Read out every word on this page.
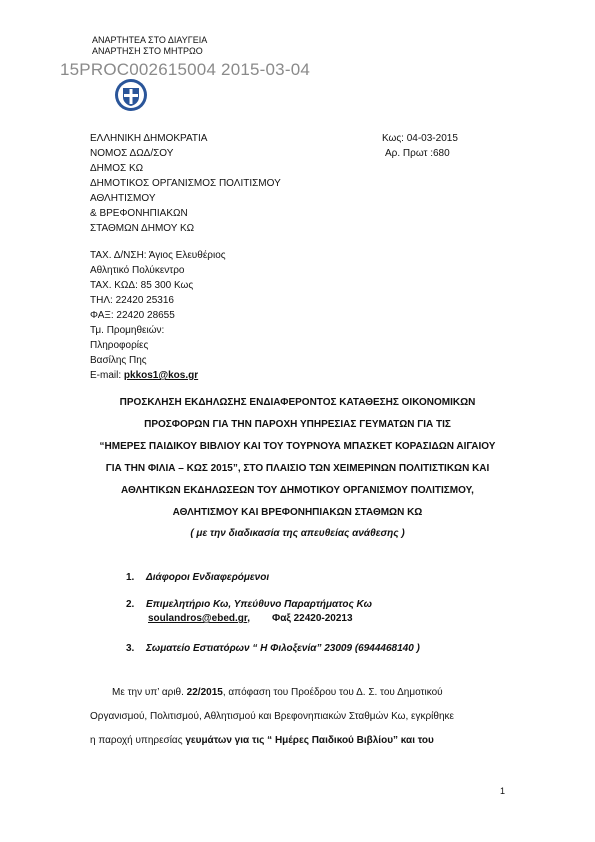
ΑΝΑΡΤΗΤΕΑ ΣΤΟ ΔΙΑΥΓΕΙΑ
ΑΝΑΡΤΗΣΗ ΣΤΟ ΜΗΤΡΩΟ
15PROC002615004 2015-03-04
ΕΛΛΗΝΙΚΗ ΔΗΜΟΚΡΑΤΙΑ
ΝΟΜΟΣ ΔΩΔ/ΣΟΥ
ΔΗΜΟΣ ΚΩ
ΔΗΜΟΤΙΚΟΣ ΟΡΓΑΝΙΣΜΟΣ ΠΟΛΙΤΙΣΜΟΥ
ΑΘΛΗΤΙΣΜΟΥ
& ΒΡΕΦΟΝΗΠΙΑΚΩΝ
ΣΤΑΘΜΩΝ ΔΗΜΟΥ ΚΩ
Κως: 04-03-2015
Αρ. Πρωτ :680
ΤΑΧ. Δ/ΝΣΗ: Άγιος Ελευθέριος
Αθλητικό Πολύκεντρο
ΤΑΧ. ΚΩΔ: 85 300 Κως
ΤΗΛ: 22420 25316
ΦΑΞ: 22420 28655
Τμ. Προμηθειών:
Πληροφορίες
Βασίλης Πης
E-mail: pkkos1@kos.gr
ΠΡΟΣΚΛΗΣΗ ΕΚΔΗΛΩΣΗΣ ΕΝΔΙΑΦΕΡΟΝΤΟΣ ΚΑΤΑΘΕΣΗΣ ΟΙΚΟΝΟΜΙΚΩΝ
ΠΡΟΣΦΟΡΩΝ ΓΙΑ ΤΗΝ ΠΑΡΟΧΗ ΥΠΗΡΕΣΙΑΣ ΓΕΥΜΑΤΩΝ ΓΙΑ ΤΙΣ
“ΗΜΕΡΕΣ ΠΑΙΔΙΚΟΥ ΒΙΒΛΙΟΥ ΚΑΙ ΤΟΥ ΤΟΥΡΝΟΥΑ ΜΠΑΣΚΕΤ ΚΟΡΑΣΙΔΩΝ ΑΙΓΑΙΟΥ
ΓΙΑ ΤΗΝ ΦΙΛΙΑ – ΚΩΣ 2015”, ΣΤΟ ΠΛΑΙΣΙΟ ΤΩΝ ΧΕΙΜΕΡΙΝΩΝ ΠΟΛΙΤΙΣΤΙΚΩΝ ΚΑΙ
ΑΘΛΗΤΙΚΩΝ ΕΚΔΗΛΩΣΕΩΝ ΤΟΥ ΔΗΜΟΤΙΚΟΥ ΟΡΓΑΝΙΣΜΟΥ ΠΟΛΙΤΙΣΜΟΥ,
ΑΘΛΗΤΙΣΜΟΥ ΚΑΙ ΒΡΕΦΟΝΗΠΙΑΚΩΝ ΣΤΑΘΜΩΝ ΚΩ
( με την διαδικασία της απευθείας ανάθεσης )
1. Διάφοροι Ενδιαφερόμενοι
2. Επιμελητήριο Κω, Υπεύθυνο Παραρτήματος Κω
soulandros@ebed.gr, Φαξ 22420-20213
3. Σωματείο Εστιατόρων “ Η Φιλοξενία” 23009 (6944468140 )
Με την υπ’ αριθ. 22/2015, απόφαση του Προέδρου του Δ. Σ. του Δημοτικού
Οργανισμού, Πολιτισμού, Αθλητισμού και Βρεφονηπιακών Σταθμών Κω, εγκρίθηκε
η παροχή υπηρεσίας γευμάτων για τις “ Ημέρες Παιδικού Βιβλίου” και του
1
